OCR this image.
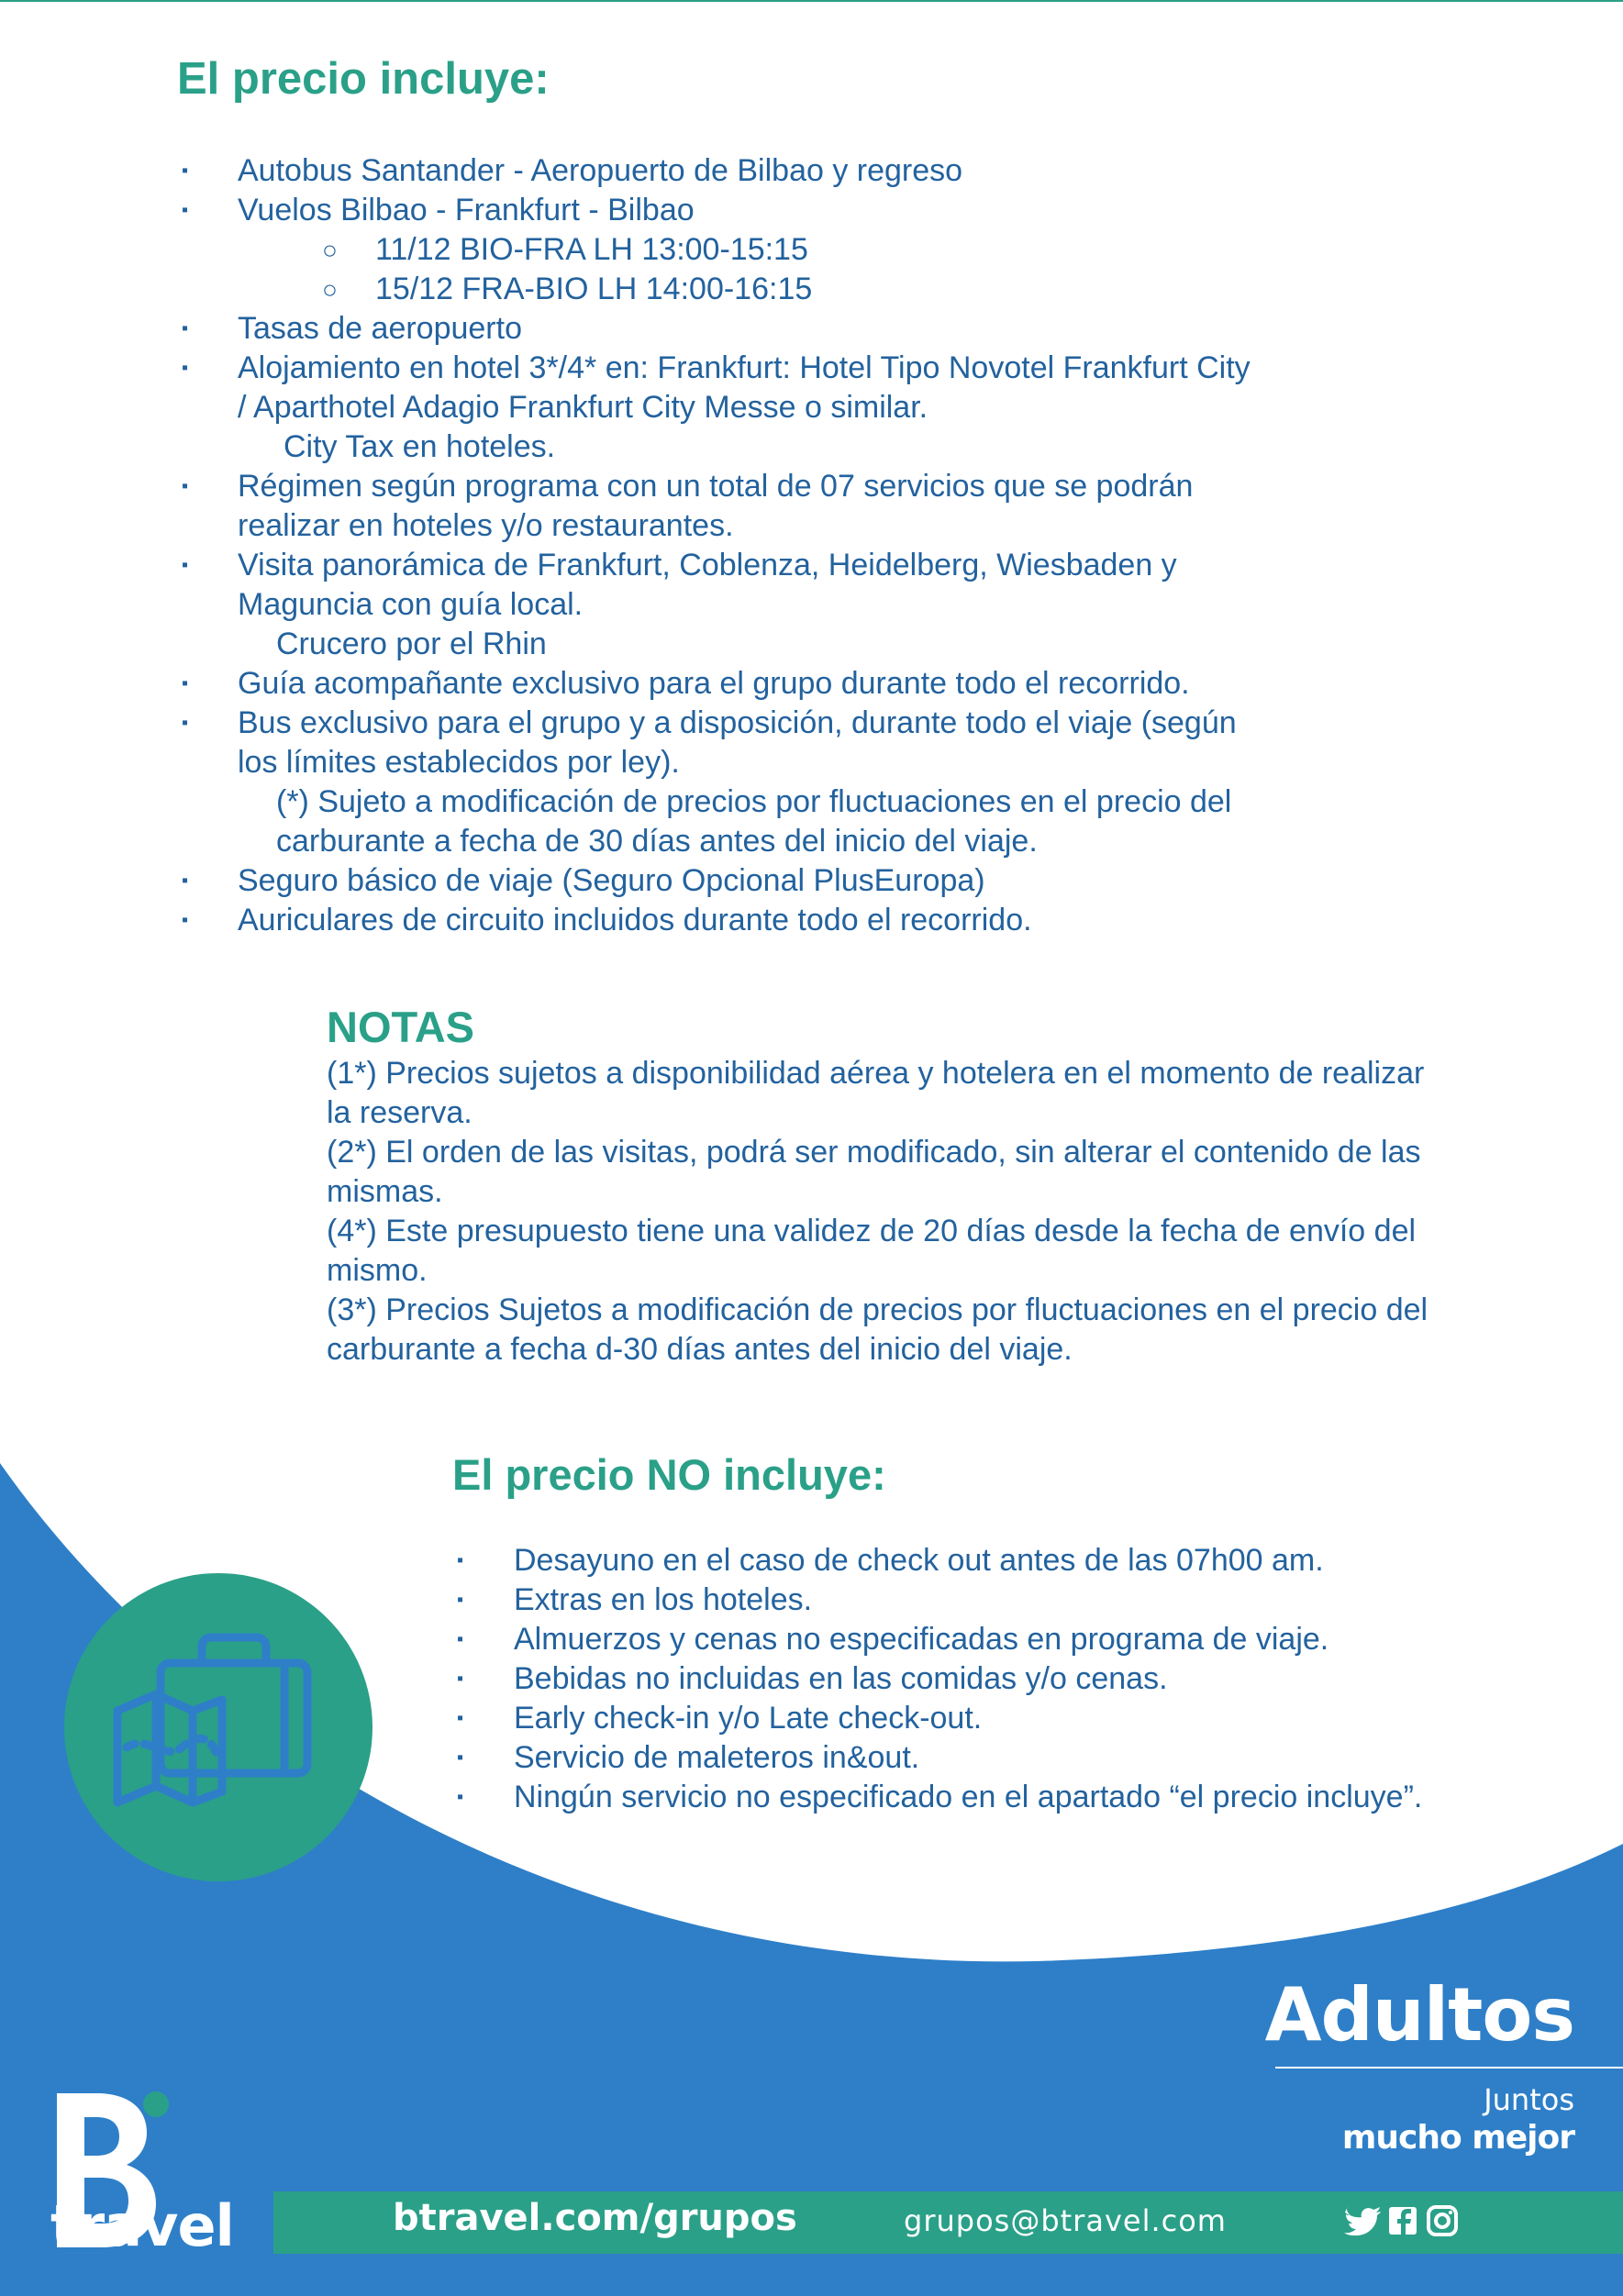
El precio incluye:
▪ Autobus Santander - Aeropuerto de Bilbao y regreso
▪ Vuelos Bilbao - Frankfurt - Bilbao
○ 11/12 BIO-FRA LH 13:00-15:15
○ 15/12 FRA-BIO LH 14:00-16:15
▪ Tasas de aeropuerto
▪ Alojamiento en hotel 3*/4* en: Frankfurt: Hotel Tipo Novotel Frankfurt City
/ Aparthotel Adagio Frankfurt City Messe o similar.
City Tax en hoteles.
▪ Régimen según programa con un total de 07 servicios que se podrán
realizar en hoteles y/o restaurantes.
▪ Visita panorámica de Frankfurt, Coblenza, Heidelberg, Wiesbaden y
Maguncia con guía local.
Crucero por el Rhin
▪ Guía acompañante exclusivo para el grupo durante todo el recorrido.
▪ Bus exclusivo para el grupo y a disposición, durante todo el viaje (según
los límites establecidos por ley).
(*) Sujeto a modificación de precios por fluctuaciones en el precio del
carburante a fecha de 30 días antes del inicio del viaje.
▪ Seguro básico de viaje (Seguro Opcional PlusEuropa)
▪ Auriculares de circuito incluidos durante todo el recorrido.
NOTAS

(1*) Precios sujetos a disponibilidad aérea y hotelera en el momento de realizar

la reserva.

(2*) El orden de las visitas, podrá ser modificado, sin alterar el contenido de las

mismas.

(4*) Este presupuesto tiene una validez de 20 días desde la fecha de envío del

mismo.

(3*) Precios Sujetos a modificación de precios por fluctuaciones en el precio del

carburante a fecha d-30 días antes del inicio del viaje.

El precio NO incluye:
▪ Desayuno en el caso de check out antes de las 07h00 am.
▪ Extras en los hoteles.
▪ Almuerzos y cenas no especificadas en programa de viaje.
▪ Bebidas no incluidas en las comidas y/o cenas.
▪ Early check-in y/o Late check-out.
▪ Servicio de maleteros in&out.
▪ Ningún servicio no especificado en el apartado “el precio incluye”.
Adultos
Juntos
mucho mejor
btravel.com/grupos	grupos@btravel.com
travel
